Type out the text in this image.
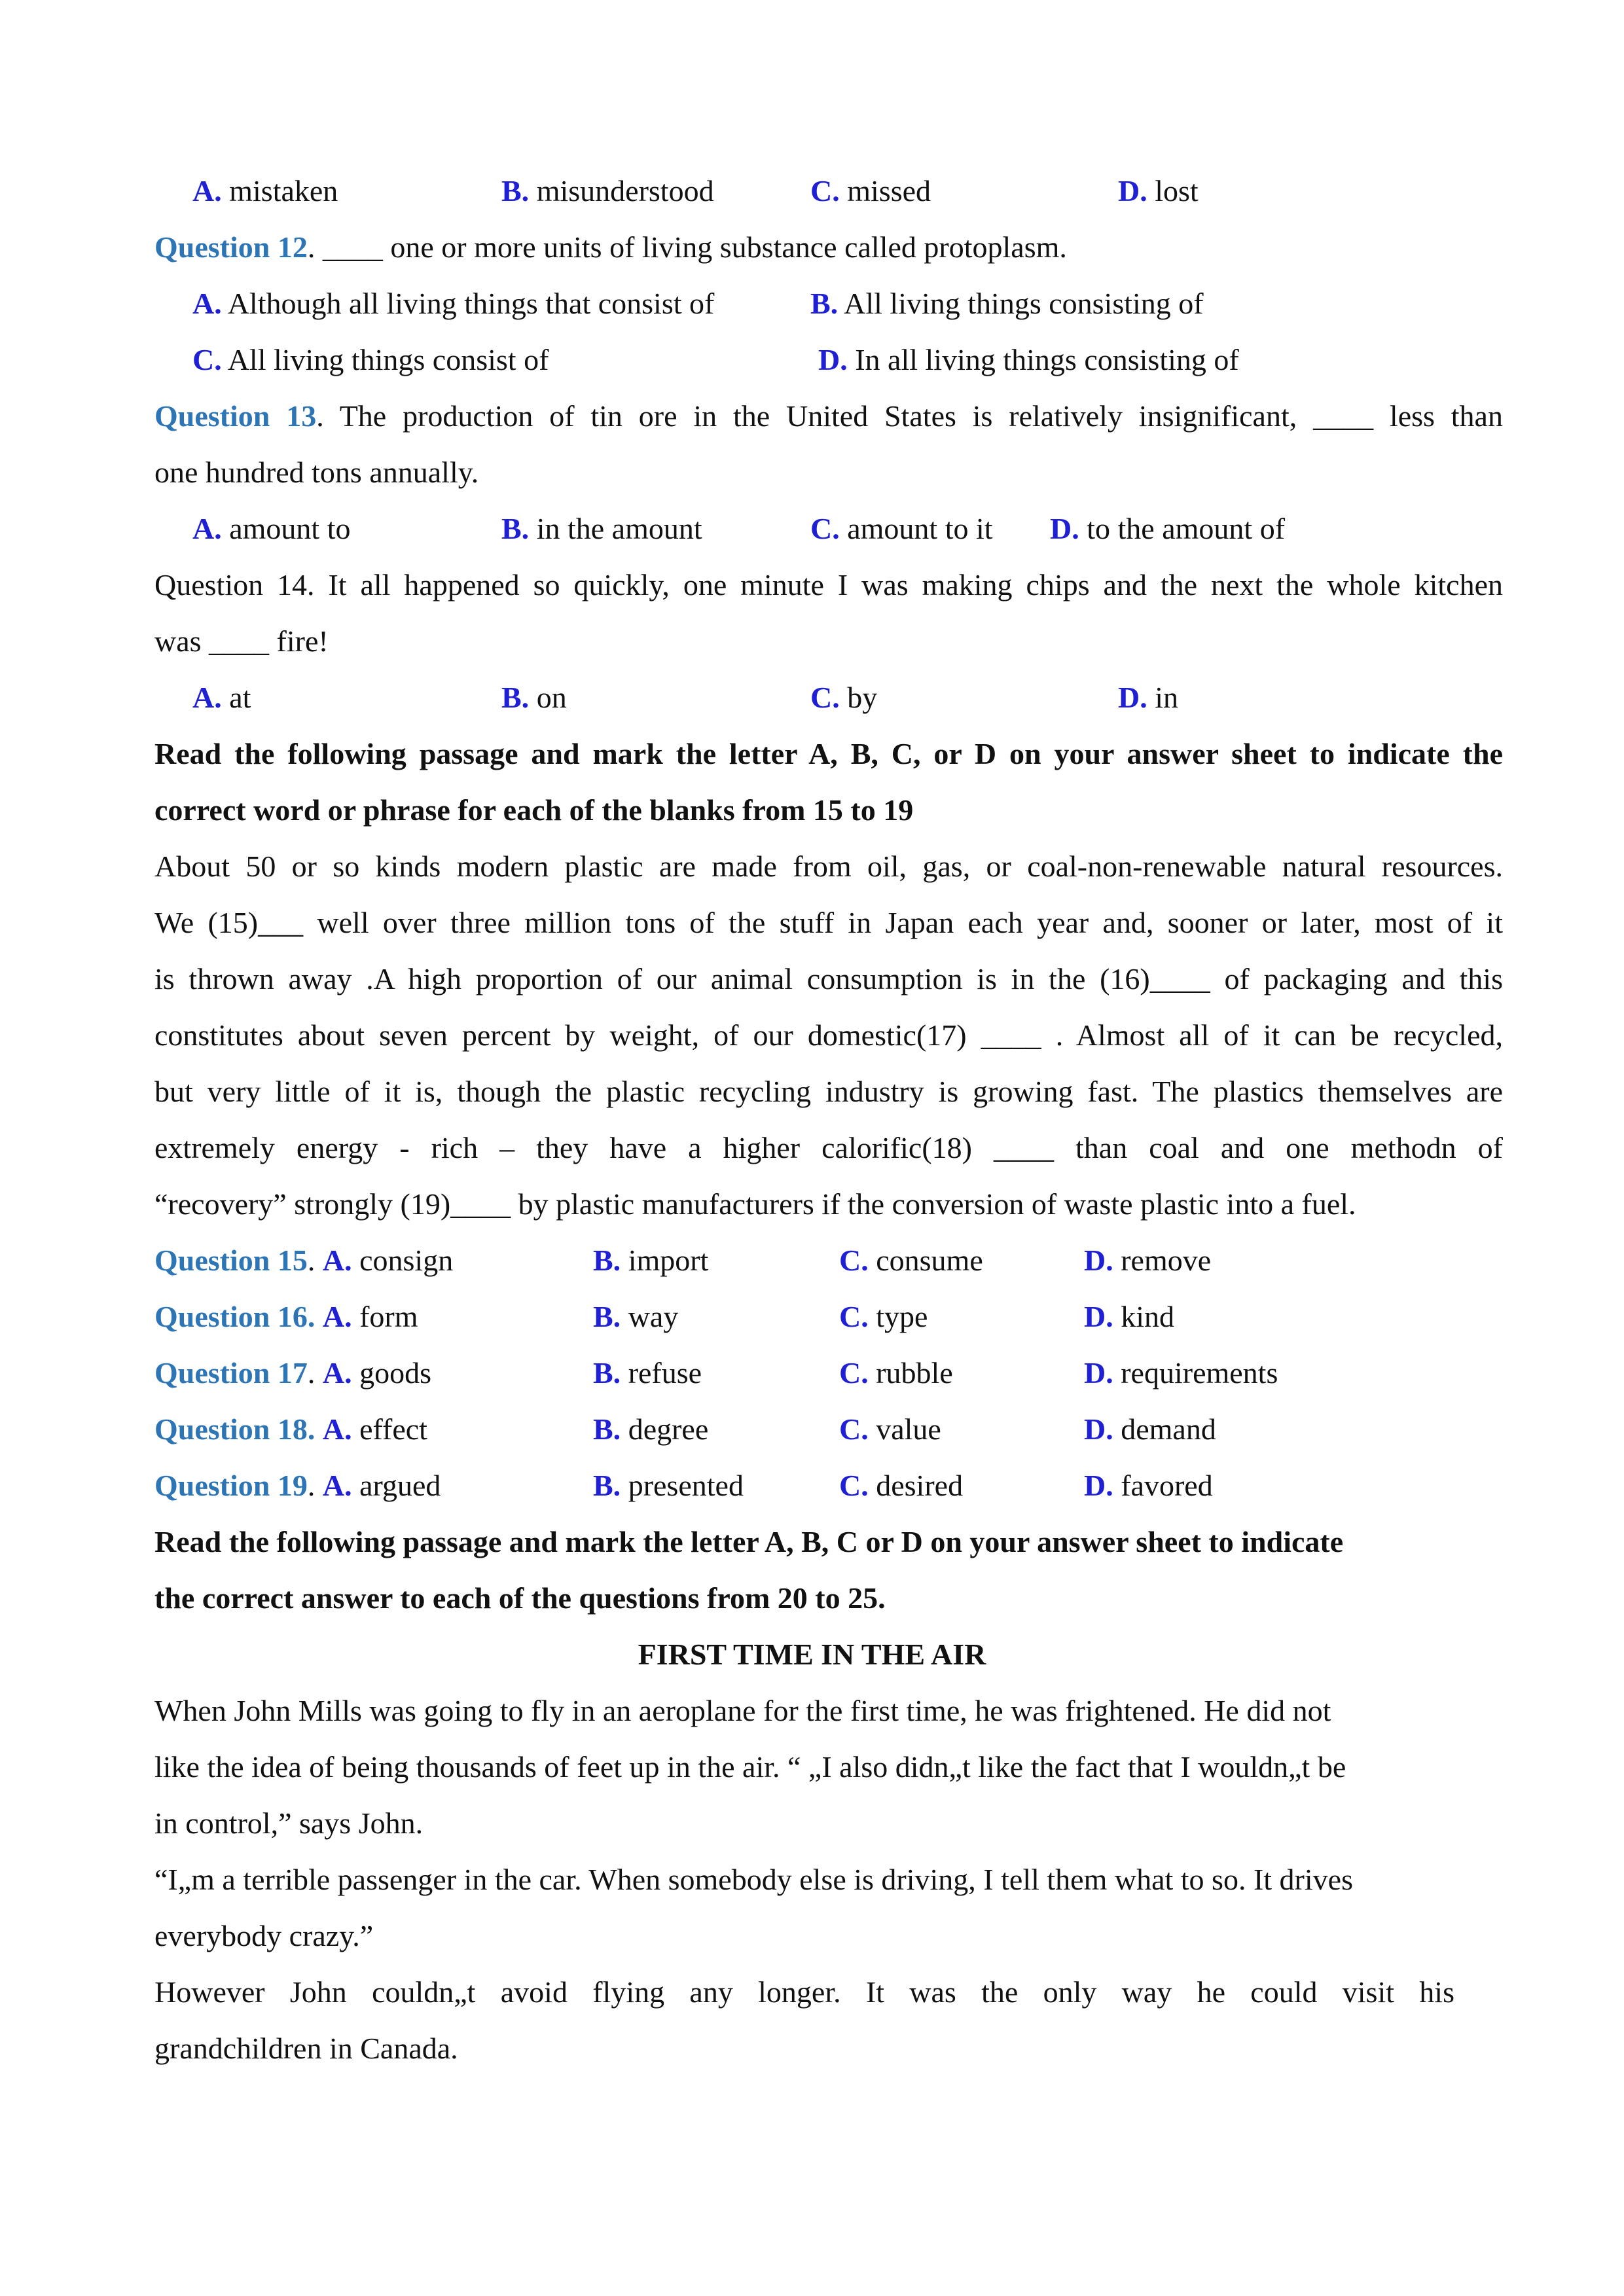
A. mistaken	B. misunderstood	C. missed	D. lost
Question 12. ____ one or more units of living substance called protoplasm.
A. Although all living things that consist of	B. All living things consisting of
C. All living things consist of	D. In all living things consisting of
Question 13. The production of tin ore in the United States is relatively insignificant, ____ less than
one hundred tons annually.
A. amount to	B. in the amount	C. amount to it D. to the amount of
Question 14. It all happened so quickly, one minute I was making chips and the next the whole kitchen
was ____ fire!
A. at	B. on	C. by	D. in
Read the following passage and mark the letter A, B, C, or D on your answer sheet to indicate the
correct word or phrase for each of the blanks from 15 to 19
About 50 or so kinds modern plastic are made from oil, gas, or coal-non-renewable natural resources.
We (15)___ well over three million tons of the stuff in Japan each year and, sooner or later, most of it
is thrown away .A high proportion of our animal consumption is in the (16)____ of packaging and this
constitutes about seven percent by weight, of our domestic(17) ____ . Almost all of it can be recycled,
but very little of it is, though the plastic recycling industry is growing fast. The plastics themselves are
extremely energy - rich – they have a higher calorific(18) ____ than coal and one methodn of
“recovery” strongly (19)____ by plastic manufacturers if the conversion of waste plastic into a fuel.
Question 15. A. consign	B. import	C. consume	D. remove
Question 16. A. form	B. way	C. type	D. kind
Question 17. A. goods	B. refuse	C. rubble	D. requirements
Question 18. A. effect	B. degree	C. value	D. demand
Question 19. A. argued	B. presented	C. desired	D. favored
Read the following passage and mark the letter A, B, C or D on your answer sheet to indicate
the correct answer to each of the questions from 20 to 25.
FIRST TIME IN THE AIR
When John Mills was going to fly in an aeroplane for the first time, he was frightened. He did not
like the idea of being thousands of feet up in the air. “ „I also didn„t like the fact that I wouldn„t be
in control,” says John.
“I„m a terrible passenger in the car. When somebody else is driving, I tell them what to so. It drives
everybody crazy.”
However John couldn„t avoid flying any longer. It was the only way he could visit his
grandchildren in Canada.
